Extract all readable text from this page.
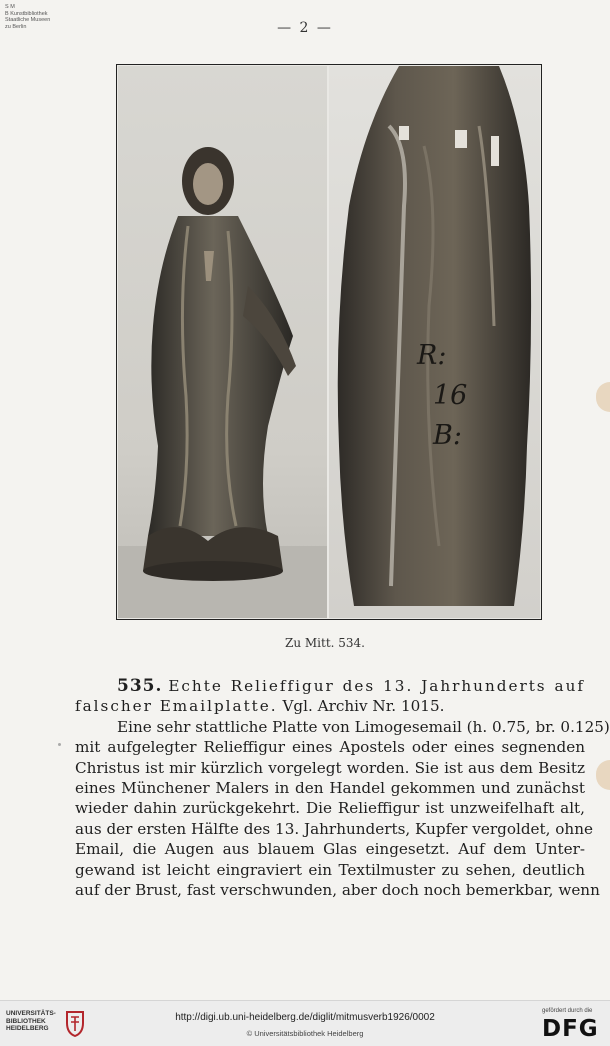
S M
B Kunstbibliothek
Staatliche Museen
zu Berlin	— 2 —
R:
16
B:
Zu Mitt. 534.
535. Echte Relieffigur des 13. Jahrhunderts auf
falscher Emailplatte. Vgl. Archiv Nr. 1015.
Eine sehr stattliche Platte von Limogesemail (h. 0.75, br. 0.125)
mit aufgelegter Relieffigur eines Apostels oder eines segnenden
Christus ist mir kürzlich vorgelegt worden. Sie ist aus dem Besitz
eines Münchener Malers in den Handel gekommen und zunächst
wieder dahin zurückgekehrt. Die Relieffigur ist unzweifelhaft alt,
aus der ersten Hälfte des 13. Jahrhunderts, Kupfer vergoldet, ohne
Email, die Augen aus blauem Glas eingesetzt. Auf dem Unter-
gewand ist leicht eingraviert ein Textilmuster zu sehen, deutlich
auf der Brust, fast verschwunden, aber doch noch bemerkbar, wenn
UNIVERSITÄTS-
BIBLIOTHEK
HEIDELBERG
http://digi.ub.uni-heidelberg.de/diglit/mitmusverb1926/0002
© Universitätsbibliothek Heidelberg
gefördert durch die
DFG
